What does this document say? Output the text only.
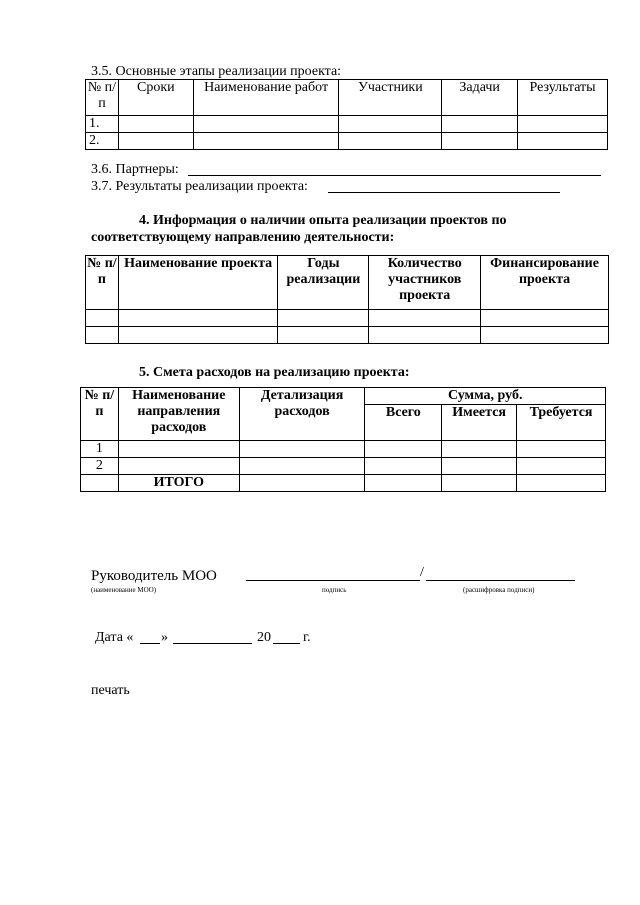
3.5. Основные этапы реализации проекта:
№ п/п	Сроки	Наименование работ	Участники	Задачи	Результаты
1.					
2.					
3.6. Партнеры:
3.7. Результаты реализации проекта:
4. Информация о наличии опыта реализации проектов по
соответствующему направлению деятельности:
№ п/п	Наименование проекта	Годы реализации	Количество участников проекта	Финансирование проекта

5. Смета расходов на реализацию проекта:
№ п/п	Наименование направления расходов	Детализация расходов	Сумма, руб.		
			Всего	Имеется	Требуется
1					
2					
	ИТОГО				
Руководитель МОО
(наименование МОО)
/
подпись	(расшифровка подписи)
Дата « »	20 г.
печать
